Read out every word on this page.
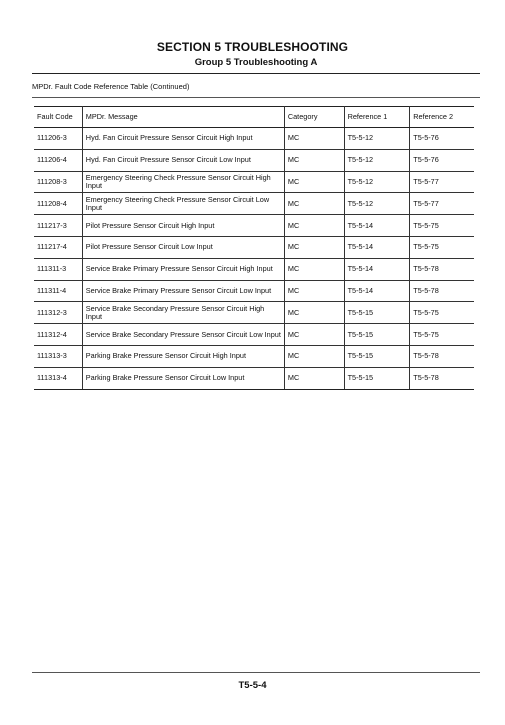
SECTION 5 TROUBLESHOOTING
Group 5 Troubleshooting A
MPDr. Fault Code Reference Table (Continued)
Fault Code	MPDr. Message	Category	Reference 1	Reference 2
111206-3	Hyd. Fan Circuit Pressure Sensor Circuit High Input	MC	T5-5-12	T5-5-76
111206-4	Hyd. Fan Circuit Pressure Sensor Circuit Low Input	MC	T5-5-12	T5-5-76
111208-3	Emergency Steering Check Pressure Sensor Circuit High Input	MC	T5-5-12	T5-5-77
111208-4	Emergency Steering Check Pressure Sensor Circuit Low Input	MC	T5-5-12	T5-5-77
111217-3	Pilot Pressure Sensor Circuit High Input	MC	T5-5-14	T5-5-75
111217-4	Pilot Pressure Sensor Circuit Low Input	MC	T5-5-14	T5-5-75
111311-3	Service Brake Primary Pressure Sensor Circuit High Input	MC	T5-5-14	T5-5-78
111311-4	Service Brake Primary Pressure Sensor Circuit Low Input	MC	T5-5-14	T5-5-78
111312-3	Service Brake Secondary Pressure Sensor Circuit High Input	MC	T5-5-15	T5-5-75
111312-4	Service Brake Secondary Pressure Sensor Circuit Low Input	MC	T5-5-15	T5-5-75
111313-3	Parking Brake Pressure Sensor Circuit High Input	MC	T5-5-15	T5-5-78
111313-4	Parking Brake Pressure Sensor Circuit Low Input	MC	T5-5-15	T5-5-78
T5-5-4
